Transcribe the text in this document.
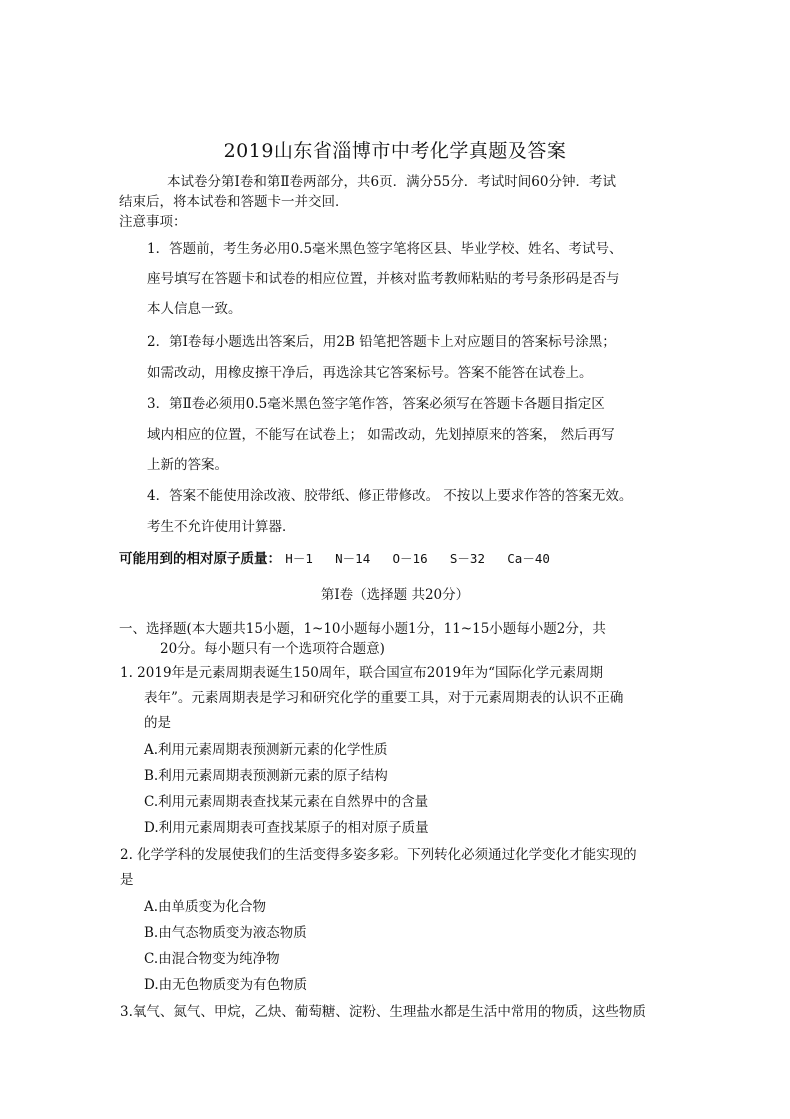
2019山东省淄博市中考化学真题及答案
本试卷分第Ⅰ卷和第Ⅱ卷两部分，共6页．满分55分．考试时间60分钟．考试
结束后，将本试卷和答题卡一并交回．
注意事项：
1．答题前，考生务必用0.5毫米黑色签字笔将区县、毕业学校、姓名、考试号、
座号填写在答题卡和试卷的相应位置，并核对监考教师粘贴的考号条形码是否与
本人信息一致。
2．第Ⅰ卷每小题选出答案后，用2B 铅笔把答题卡上对应题目的答案标号涂黑；
如需改动，用橡皮擦干净后，再选涂其它答案标号。答案不能答在试卷上。
3．第Ⅱ卷必须用0.5毫米黑色签字笔作答，答案必须写在答题卡各题目指定区
域内相应的位置，不能写在试卷上； 如需改动，先划掉原来的答案， 然后再写
上新的答案。
4．答案不能使用涂改液、胶带纸、修正带修改。 不按以上要求作答的答案无效。
考生不允许使用计算器．
可能用到的相对原子质量： H－1 N－14 O－16 S－32 Ca－40
第Ⅰ卷（选择题 共20分）
一、选择题(本大题共15小题，1~10小题每小题1分，11~15小题每小题2分，共
20分。每小题只有一个选项符合题意)
1. 2019年是元素周期表诞生150周年，联合国宣布2019年为“国际化学元素周期
表年”。元素周期表是学习和研究化学的重要工具，对于元素周期表的认识不正确
的是
A.利用元素周期表预测新元素的化学性质
B.利用元素周期表预测新元素的原子结构
C.利用元素周期表查找某元素在自然界中的含量
D.利用元素周期表可查找某原子的相对原子质量
2. 化学学科的发展使我们的生活变得多姿多彩。下列转化必须通过化学变化才能实现的
是
A.由单质变为化合物
B.由气态物质变为液态物质
C.由混合物变为纯净物
D.由无色物质变为有色物质
3.氧气、氮气、甲烷，乙炔、葡萄糖、淀粉、生理盐水都是生活中常用的物质，这些物质
